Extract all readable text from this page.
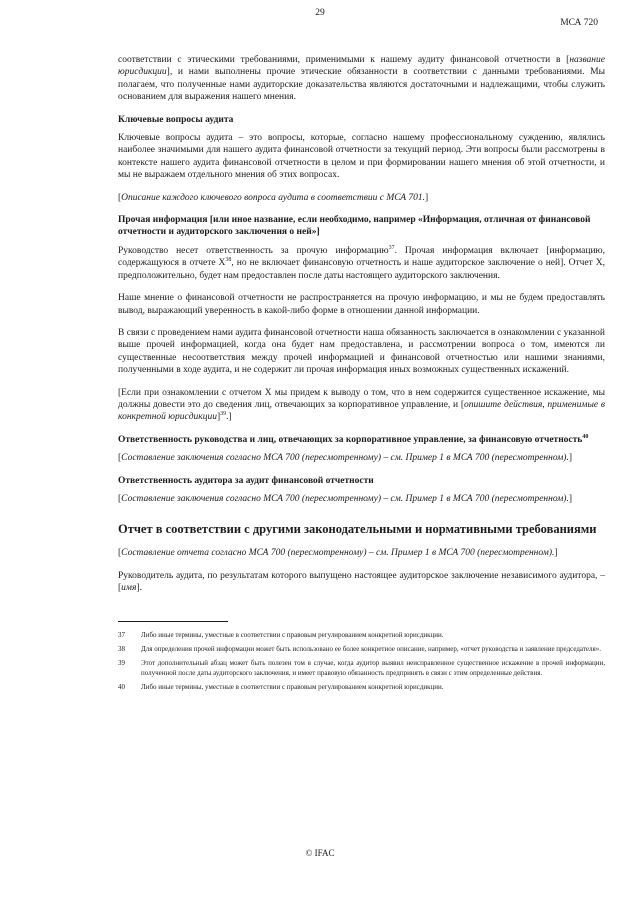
29
МСА 720

соответствии с этическими требованиями, применимыми к нашему аудиту финансовой отчетности в [название юрисдикции], и нами выполнены прочие этические обязанности в соответствии с данными требованиями. Мы полагаем, что полученные нами аудиторские доказательства являются достаточными и надлежащими, чтобы служить основанием для выражения нашего мнения.

Ключевые вопросы аудита

Ключевые вопросы аудита – это вопросы, которые, согласно нашему профессиональному суждению, являлись наиболее значимыми для нашего аудита финансовой отчетности за текущий период. Эти вопросы были рассмотрены в контексте нашего аудита финансовой отчетности в целом и при формировании нашего мнения об этой отчетности, и мы не выражаем отдельного мнения об этих вопросах.

[Описание каждого ключевого вопроса аудита в соответствии с МСА 701.]

Прочая информация [или иное название, если необходимо, например «Информация, отличная от финансовой отчетности и аудиторского заключения о ней»]

Руководство несет ответственность за прочую информацию$^{37}$. Прочая информация включает [информацию, содержащуюся в отчете $X^{38}$, но не включает финансовую отчетность и наше аудиторское заключение о ней]. Отчет X, предположительно, будет нам предоставлен после даты настоящего аудиторского заключения.

Наше мнение о финансовой отчетности не распространяется на прочую информацию, и мы не будем предоставлять вывод, выражающий уверенность в какой-либо форме в отношении данной информации.

В связи с проведением нами аудита финансовой отчетности наша обязанность заключается в ознакомлении с указанной выше прочей информацией, когда она будет нам предоставлена, и рассмотрении вопроса о том, имеются ли существенные несоответствия между прочей информацией и финансовой отчетностью или нашими знаниями, полученными в ходе аудита, и не содержит ли прочая информация иных возможных существенных искажений.

[Если при ознакомлении с отчетом X мы придем к выводу о том, что в нем содержится существенное искажение, мы должны довести это до сведения лиц, отвечающих за корпоративное управление, и [опишите действия, применимые в конкретной юрисдикции]$^{39}$.]

Ответственность руководства и лиц, отвечающих за корпоративное управление, за финансовую отчетность$^{40}$

[Составление заключения согласно МСА 700 (пересмотренному) – см. Пример 1 в МСА 700 (пересмотренном).]

Ответственность аудитора за аудит финансовой отчетности

[Составление заключения согласно МСА 700 (пересмотренному) – см. Пример 1 в МСА 700 (пересмотренном).]

Отчет в соответствии с другими законодательными и нормативными требованиями

[Составление отчета согласно МСА 700 (пересмотренному) – см. Пример 1 в МСА 700 (пересмотренном).]

Руководитель аудита, по результатам которого выпущено настоящее аудиторское заключение независимого аудитора, – [имя].

37	Либо иные термины, уместные в соответствии с правовым регулированием конкретной юрисдикции.
38	Для определения прочей информации может быть использовано ее более конкретное описание, например, «отчет руководства и заявление председателя».
39	Этот дополнительный абзац может быть полезен том в случае, когда аудитор выявил неисправленное существенное искажение в прочей информации, полученной после даты аудиторского заключения, и имеет правовую обязанность предпринять в связи с этим определенные действия.
40	Либо иные термины, уместные в соответствии с правовым регулированием конкретной юрисдикции.
© IFAC
